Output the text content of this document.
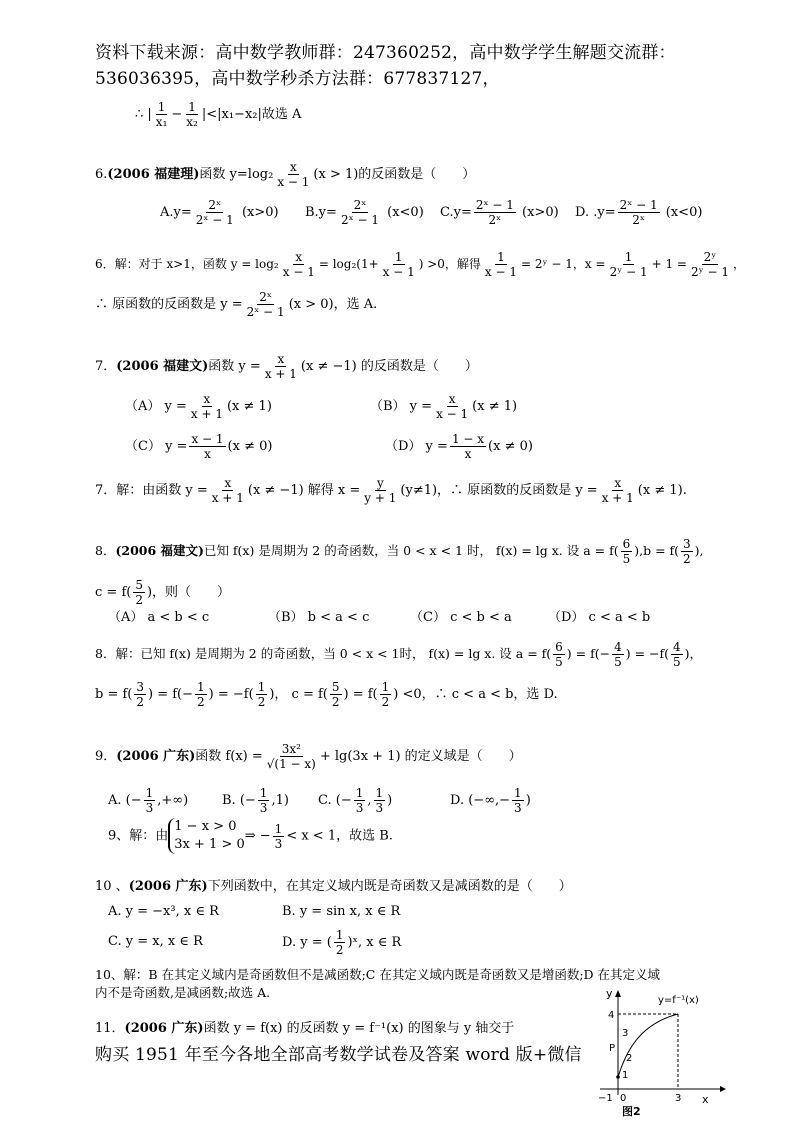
资料下载来源：高中数学教师群：247360252，高中数学学生解题交流群：
536036395，高中数学秒杀方法群：677837127，
∴ | $\frac{1}{\text{x₁}} - \frac{1}{\text{x₂}} |<|x_1-x_2|$故选 A
6.(2006 福建理)函数 $y=\log_2 \frac{x}{x - 1} (x > 1)$的反函数是（　　）
$A.y= \frac{\text{2ˣ}}{\text{2ˣ − 1}} (x>0)$ $B.y= \frac{\text{2ˣ}}{\text{2ˣ − 1}} (x<0)$ $C.y= \frac{\text{2ˣ − 1}}{\text{2ˣ}} (x>0)$ D. $.y= \frac{\text{2ˣ − 1}}{\text{2ˣ}} (x<0)$
6．解：对于 x>1，函数 $y = \log_2 \frac{x}{x - 1} = \log_2(1+ \frac{1}{x - 1}$ ) >0，解得 $\frac{1}{x - 1}$ = 2ʸ − 1，$x = \frac{1}{\text{2ʸ − 1}} + 1 = \frac{\text{2ʸ}}{\text{2ʸ − 1}}$ ，
∴ 原函数的反函数是 $y = \frac{\text{2ˣ}}{\text{2ˣ − 1}} (x > 0)$，选 A.
7．(2006 福建文)函数 $y = \frac{x}{x + 1} (x \ne -1)$ 的反函数是（　　）
（A） $y = \frac{x}{x + 1} (x \ne 1)$	（B） $y = \frac{x}{x - 1} (x \ne 1)$
（C） $y = \frac{x - 1}{x} (x \ne 0)$	（D） $y = \frac{1 - x}{x} (x \ne 0)$
7．解：由函数 $y = \frac{x}{x + 1} (x \ne -1)$ 解得 $x = \frac{y}{y + 1} (y\ne 1)$，∴ 原函数的反函数是 $y = \frac{x}{x + 1} (x \ne 1)$.
8．(2006 福建文)已知 f(x) 是周期为 2 的奇函数，当 0 < x < 1 时， f(x) = lg x. 设 $a = f( \frac{6}{5} ),b = f( \frac{3}{2}$ ),
$c = f( \frac{5}{2}$ )，则（　　）
（A） a < b < c	（B） b < a < c	（C） c < b < a	（D） c < a < b
8．解：已知 f(x) 是周期为 2 的奇函数，当 0 < x < 1时， f(x) = lg x. 设 $a = f( \frac{6}{5}$ ) = $f(- \frac{4}{5}$ ) = $-f( \frac{4}{5}$ )，
$b = f( \frac{3}{2}$ ) = $f(- \frac{1}{2}$ ) = $-f( \frac{1}{2}$ )， $c = f( \frac{5}{2}$ ) = $f( \frac{1}{2}$ ) <0，∴ c < a < b，选 D.
9．(2006 广东)函数 $f(x) = \frac{\text{3x²}}{√(1 - x)} + \lg(3x + 1)$ 的定义域是（　　）
A. (− $\frac{1}{3}$ ,+∞)	B. (− $\frac{1}{3} ,1$) C. (− $\frac{1}{3}$ , $\frac{1}{3}$ )	D. (−∞,− $\frac{1}{3}$ )
9、解：由1 − x > 0
3x + 1 > 0⇒ − $\frac{1}{3} < x < 1$，故选 B.
10 、(2006 广东)下列函数中，在其定义域内既是奇函数又是减函数的是（　　）
A. y = −x³, x ∈ R	B. y = sin x, x ∈ R
C. y = x, x ∈ R	D. y = ( $\frac{1}{2}$ )ˣ, x ∈ R
10、解：B 在其定义域内是奇函数但不是减函数;C 在其定义域内既是奇函数又是增函数;D 在其定义域
内不是奇函数,是减函数;故选 A.
11．(2006 广东)函数 y = f(x) 的反函数 y = f⁻¹(x) 的图象与 y 轴交于
购买 1951 年至今各地全部高考数学试卷及答案 word 版+微信
y
x
y=f⁻¹(x)
4
3
P
2
1
−1 0	3
图2
